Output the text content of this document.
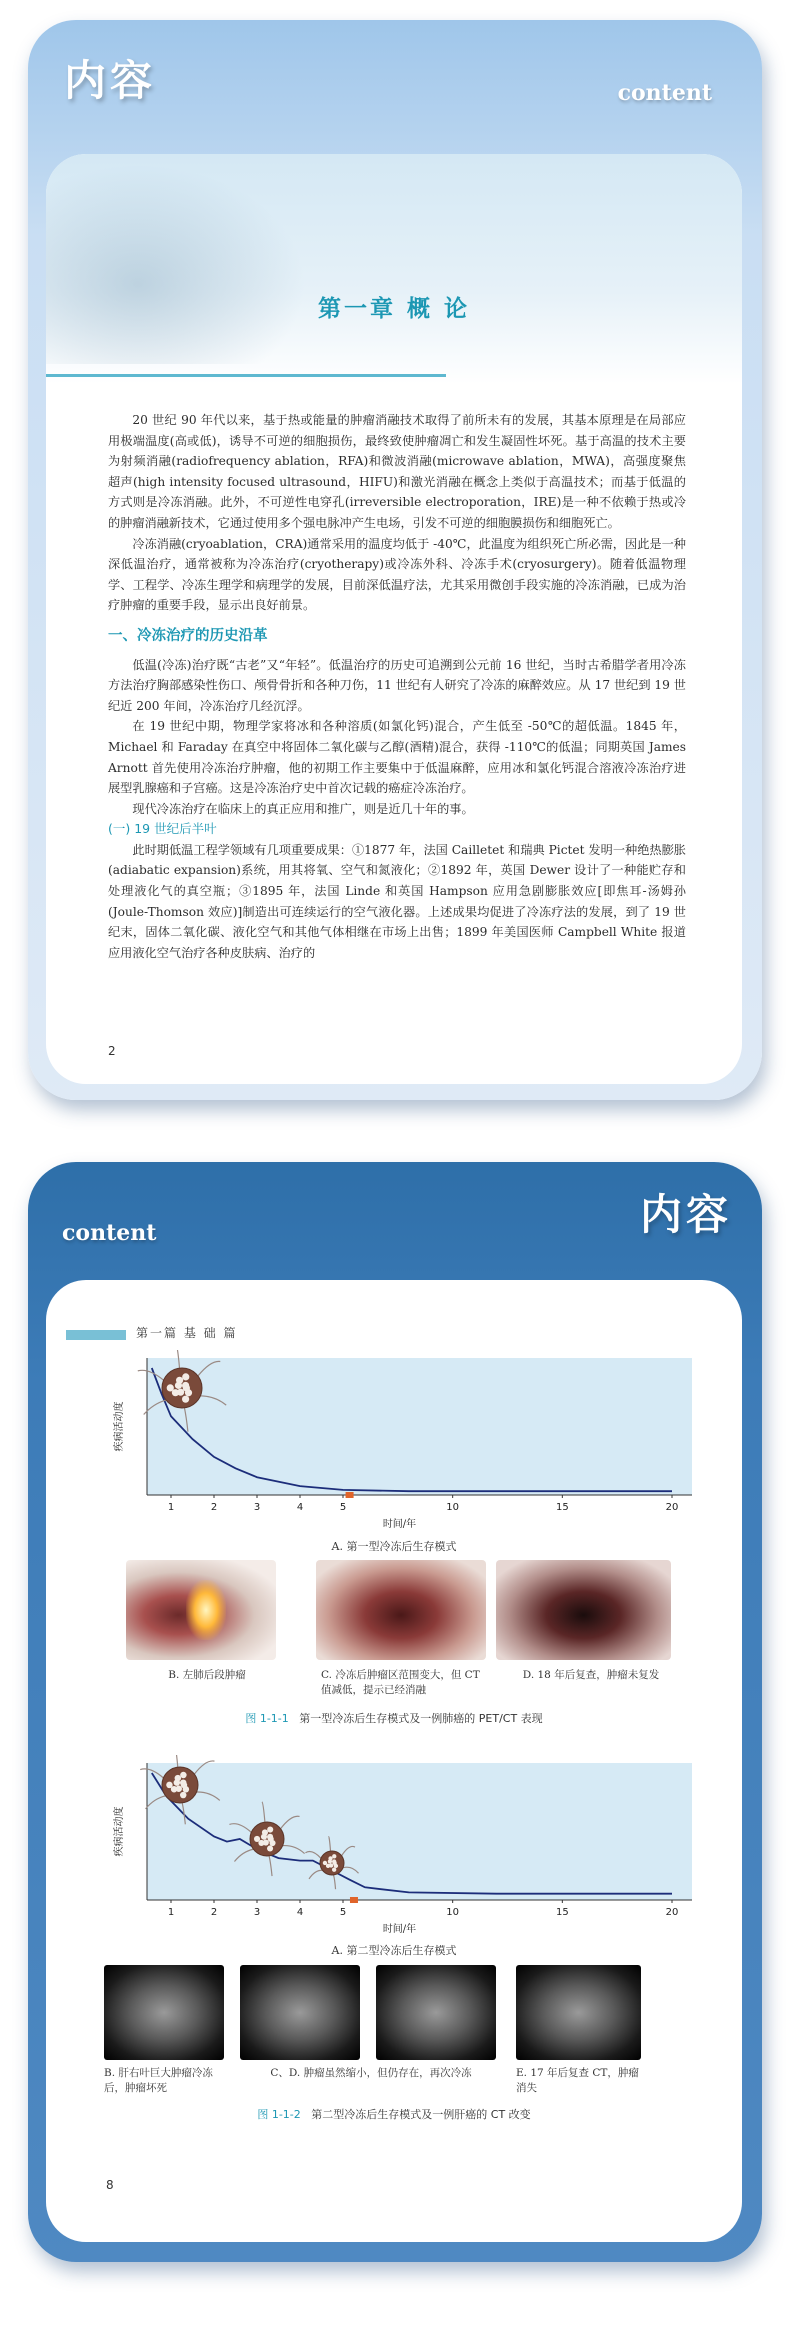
内容	content
第一章 概 论

20 世纪 90 年代以来，基于热或能量的肿瘤消融技术取得了前所未有的发展，其基本原理是在局部应用极端温度(高或低)，诱导不可逆的细胞损伤，最终致使肿瘤凋亡和发生凝固性坏死。基于高温的技术主要为射频消融(radiofrequency ablation，RFA)和微波消融(microwave ablation，MWA)，高强度聚焦超声(high intensity focused ultrasound，HIFU)和激光消融在概念上类似于高温技术；而基于低温的方式则是冷冻消融。此外，不可逆性电穿孔(irreversible electroporation，IRE)是一种不依赖于热或冷的肿瘤消融新技术，它通过使用多个强电脉冲产生电场，引发不可逆的细胞膜损伤和细胞死亡。

冷冻消融(cryoablation，CRA)通常采用的温度均低于 -40℃，此温度为组织死亡所必需，因此是一种深低温治疗，通常被称为冷冻治疗(cryotherapy)或冷冻外科、冷冻手术(cryosurgery)。随着低温物理学、工程学、冷冻生理学和病理学的发展，目前深低温疗法，尤其采用微创手段实施的冷冻消融，已成为治疗肿瘤的重要手段，显示出良好前景。

一、冷冻治疗的历史沿革

低温(冷冻)治疗既“古老”又“年轻”。低温治疗的历史可追溯到公元前 16 世纪，当时古希腊学者用冷冻方法治疗胸部感染性伤口、颅骨骨折和各种刀伤，11 世纪有人研究了冷冻的麻醉效应。从 17 世纪到 19 世纪近 200 年间，冷冻治疗几经沉浮。

在 19 世纪中期，物理学家将冰和各种溶质(如氯化钙)混合，产生低至 -50℃的超低温。1845 年，Michael 和 Faraday 在真空中将固体二氧化碳与乙醇(酒精)混合，获得 -110℃的低温；同期英国 James Arnott 首先使用冷冻治疗肿瘤，他的初期工作主要集中于低温麻醉，应用冰和氯化钙混合溶液冷冻治疗进展型乳腺癌和子宫癌。这是冷冻治疗史中首次记载的癌症冷冻治疗。

现代冷冻治疗在临床上的真正应用和推广，则是近几十年的事。

(一) 19 世纪后半叶

此时期低温工程学领域有几项重要成果：①1877 年，法国 Cailletet 和瑞典 Pictet 发明一种绝热膨胀(adiabatic expansion)系统，用其将氧、空气和氮液化；②1892 年，英国 Dewer 设计了一种能贮存和处理液化气的真空瓶；③1895 年，法国 Linde 和英国 Hampson 应用急剧膨胀效应[即焦耳-汤姆孙(Joule-Thomson 效应)]制造出可连续运行的空气液化器。上述成果均促进了冷冻疗法的发展，到了 19 世纪末，固体二氧化碳、液化空气和其他气体相继在市场上出售；1899 年美国医师 Campbell White 报道应用液化空气治疗各种皮肤病、治疗的

2
content	内容
第一篇 基 础 篇
疾病活动度
1	2	3	4	5	10	15	20
时间/年
A. 第一型冷冻后生存模式
B. 左肺后段肿瘤	C. 冷冻后肿瘤区范围变大，但 CT 值减低，提示已经消融
D. 18 年后复查，肿瘤未复发
图 1-1-1 第一型冷冻后生存模式及一例肺癌的 PET/CT 表现
疾病活动度
1	2	3	4	5	10	15	20
时间/年
A. 第二型冷冻后生存模式
B. 肝右叶巨大肿瘤冷冻后，肿瘤坏死
C、D. 肿瘤虽然缩小，但仍存在，再次冷冻	E. 17 年后复查 CT，肿瘤消失
图 1-1-2 第二型冷冻后生存模式及一例肝癌的 CT 改变
8
